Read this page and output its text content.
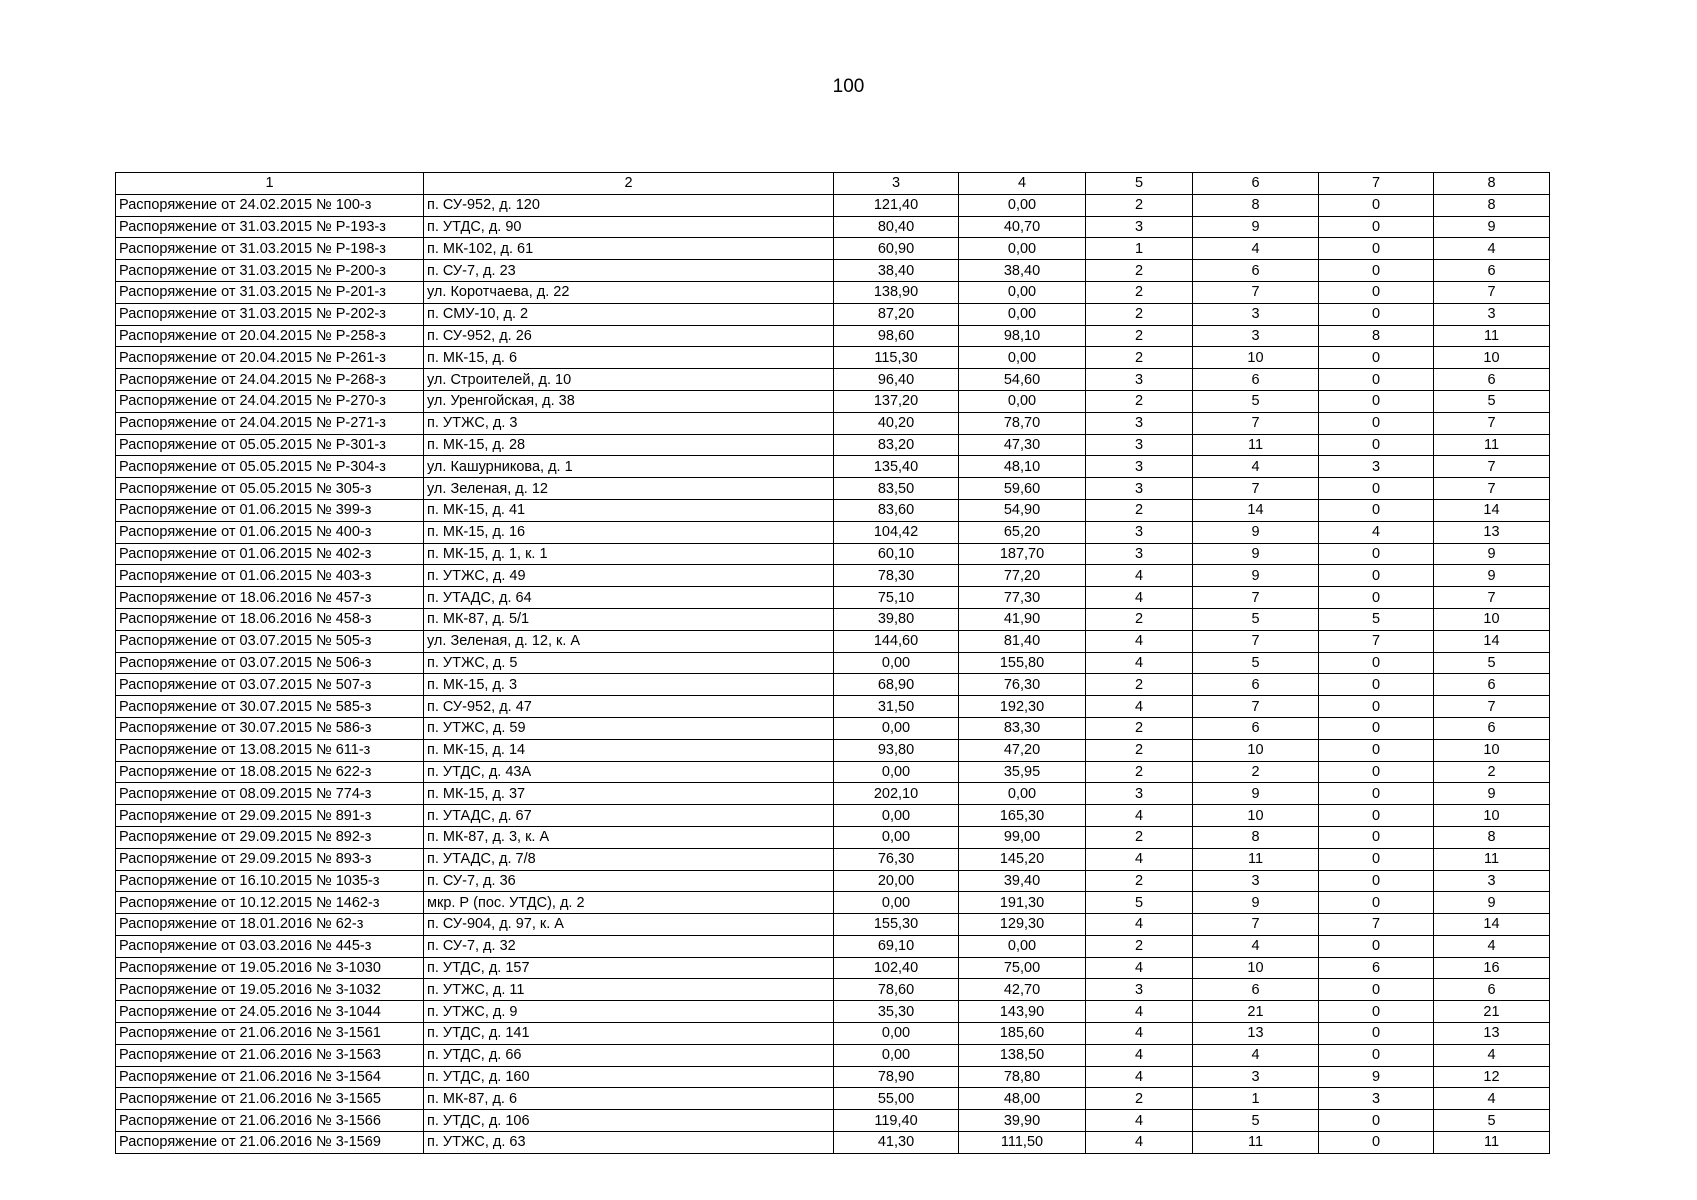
100
1	2	3	4	5	6	7	8
Распоряжение от 24.02.2015 № 100-з	п. СУ-952, д. 120	121,40	0,00	2	8	0	8
Распоряжение от 31.03.2015 № Р-193-з	п. УТДС, д. 90	80,40	40,70	3	9	0	9
Распоряжение от 31.03.2015 № Р-198-з	п. МК-102, д. 61	60,90	0,00	1	4	0	4
Распоряжение от 31.03.2015 № Р-200-з	п. СУ-7, д. 23	38,40	38,40	2	6	0	6
Распоряжение от 31.03.2015 № Р-201-з	ул. Коротчаева, д. 22	138,90	0,00	2	7	0	7
Распоряжение от 31.03.2015 № Р-202-з	п. СМУ-10, д. 2	87,20	0,00	2	3	0	3
Распоряжение от 20.04.2015 № Р-258-з	п. СУ-952, д. 26	98,60	98,10	2	3	8	11
Распоряжение от 20.04.2015 № Р-261-з	п. МК-15, д. 6	115,30	0,00	2	10	0	10
Распоряжение от 24.04.2015 № Р-268-з	ул. Строителей, д. 10	96,40	54,60	3	6	0	6
Распоряжение от 24.04.2015 № Р-270-з	ул. Уренгойская, д. 38	137,20	0,00	2	5	0	5
Распоряжение от 24.04.2015 № Р-271-з	п. УТЖС, д. 3	40,20	78,70	3	7	0	7
Распоряжение от 05.05.2015 № Р-301-з	п. МК-15, д. 28	83,20	47,30	3	11	0	11
Распоряжение от 05.05.2015 № Р-304-з	ул. Кашурникова, д. 1	135,40	48,10	3	4	3	7
Распоряжение от 05.05.2015 № 305-з	ул. Зеленая, д. 12	83,50	59,60	3	7	0	7
Распоряжение от 01.06.2015 № 399-з	п. МК-15, д. 41	83,60	54,90	2	14	0	14
Распоряжение от 01.06.2015 № 400-з	п. МК-15, д. 16	104,42	65,20	3	9	4	13
Распоряжение от 01.06.2015 № 402-з	п. МК-15, д. 1, к. 1	60,10	187,70	3	9	0	9
Распоряжение от 01.06.2015 № 403-з	п. УТЖС, д. 49	78,30	77,20	4	9	0	9
Распоряжение от 18.06.2016 № 457-з	п. УТАДС, д. 64	75,10	77,30	4	7	0	7
Распоряжение от 18.06.2016 № 458-з	п. МК-87, д. 5/1	39,80	41,90	2	5	5	10
Распоряжение от 03.07.2015 № 505-з	ул. Зеленая, д. 12, к. А	144,60	81,40	4	7	7	14
Распоряжение от 03.07.2015 № 506-з	п. УТЖС, д. 5	0,00	155,80	4	5	0	5
Распоряжение от 03.07.2015 № 507-з	п. МК-15, д. 3	68,90	76,30	2	6	0	6
Распоряжение от 30.07.2015 № 585-з	п. СУ-952, д. 47	31,50	192,30	4	7	0	7
Распоряжение от 30.07.2015 № 586-з	п. УТЖС, д. 59	0,00	83,30	2	6	0	6
Распоряжение от 13.08.2015 № 611-з	п. МК-15, д. 14	93,80	47,20	2	10	0	10
Распоряжение от 18.08.2015 № 622-з	п. УТДС, д. 43А	0,00	35,95	2	2	0	2
Распоряжение от 08.09.2015 № 774-з	п. МК-15, д. 37	202,10	0,00	3	9	0	9
Распоряжение от 29.09.2015 № 891-з	п. УТАДС, д. 67	0,00	165,30	4	10	0	10
Распоряжение от 29.09.2015 № 892-з	п. МК-87, д. 3, к. А	0,00	99,00	2	8	0	8
Распоряжение от 29.09.2015 № 893-з	п. УТАДС, д. 7/8	76,30	145,20	4	11	0	11
Распоряжение от 16.10.2015 № 1035-з	п. СУ-7, д. 36	20,00	39,40	2	3	0	3
Распоряжение от 10.12.2015 № 1462-з	мкр. Р (пос. УТДС), д. 2	0,00	191,30	5	9	0	9
Распоряжение от 18.01.2016 № 62-з	п. СУ-904, д. 97, к. А	155,30	129,30	4	7	7	14
Распоряжение от 03.03.2016 № 445-з	п. СУ-7, д. 32	69,10	0,00	2	4	0	4
Распоряжение от 19.05.2016 № 3-1030	п. УТДС, д. 157	102,40	75,00	4	10	6	16
Распоряжение от 19.05.2016 № 3-1032	п. УТЖС, д. 11	78,60	42,70	3	6	0	6
Распоряжение от 24.05.2016 № 3-1044	п. УТЖС, д. 9	35,30	143,90	4	21	0	21
Распоряжение от 21.06.2016 № 3-1561	п. УТДС, д. 141	0,00	185,60	4	13	0	13
Распоряжение от 21.06.2016 № 3-1563	п. УТДС, д. 66	0,00	138,50	4	4	0	4
Распоряжение от 21.06.2016 № 3-1564	п. УТДС, д. 160	78,90	78,80	4	3	9	12
Распоряжение от 21.06.2016 № 3-1565	п. МК-87, д. 6	55,00	48,00	2	1	3	4
Распоряжение от 21.06.2016 № 3-1566	п. УТДС, д. 106	119,40	39,90	4	5	0	5
Распоряжение от 21.06.2016 № 3-1569	п. УТЖС, д. 63	41,30	111,50	4	11	0	11
